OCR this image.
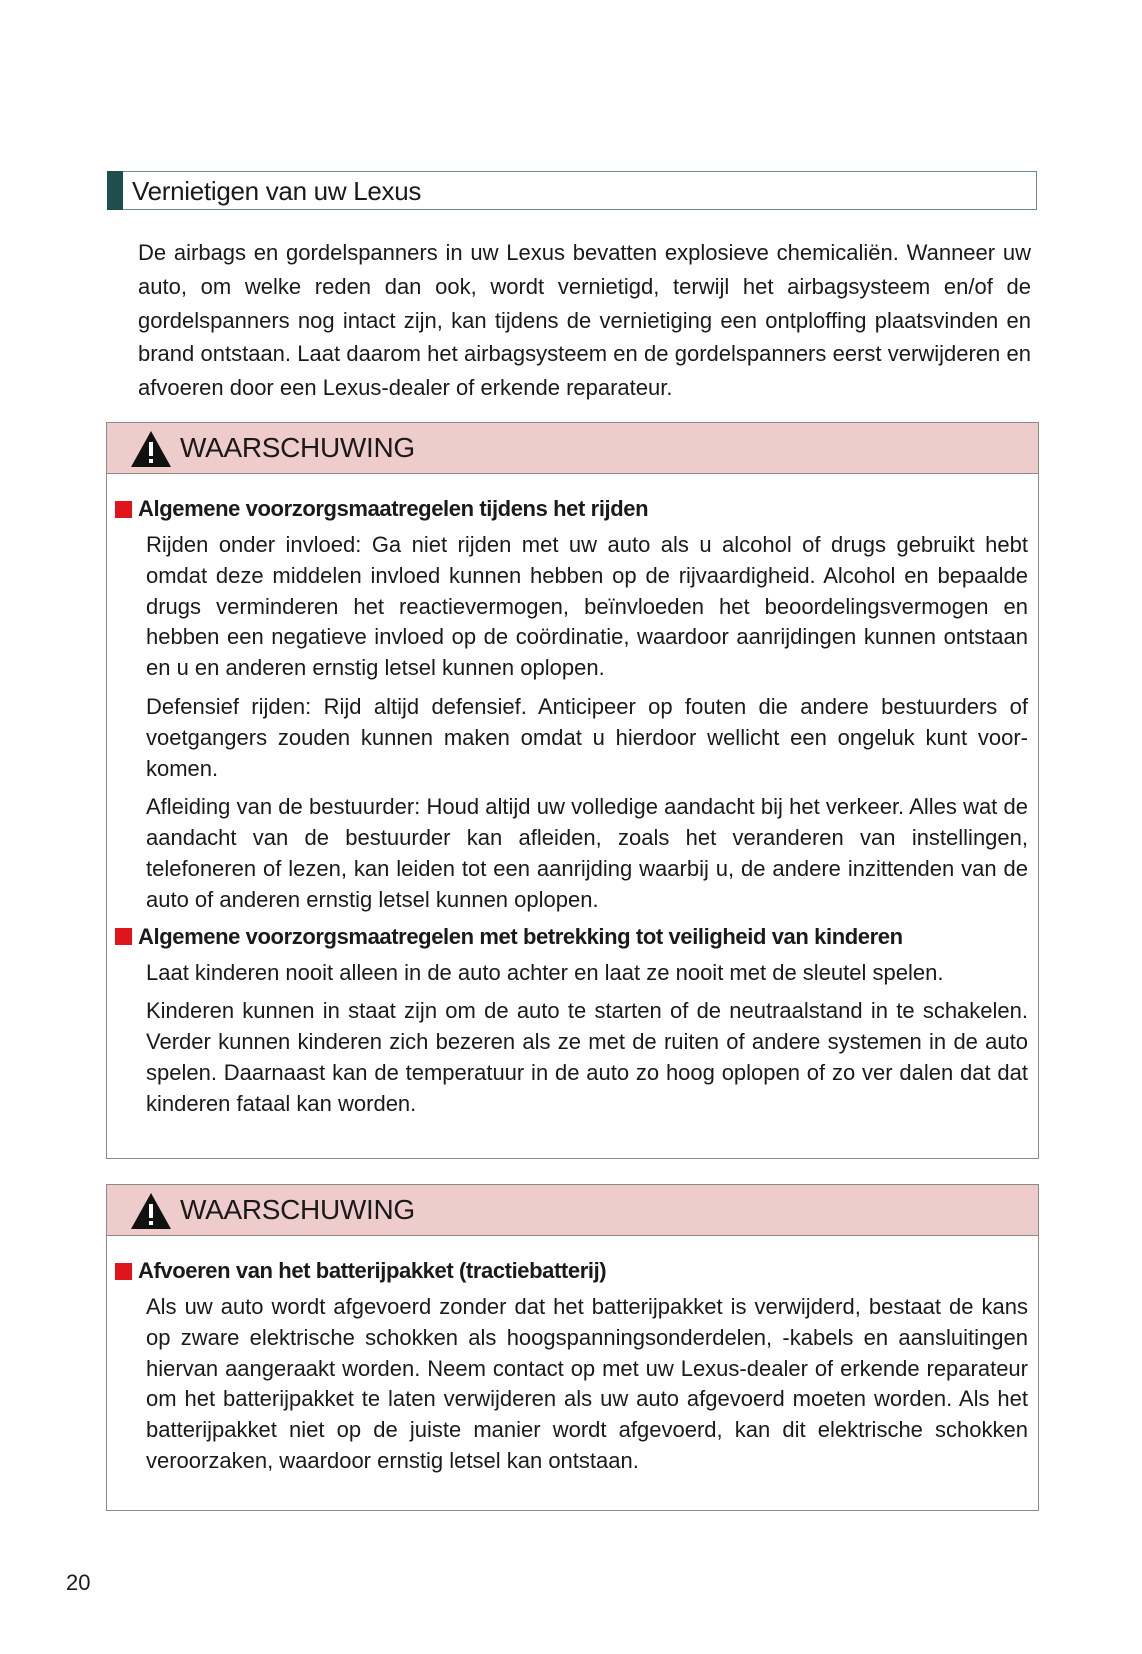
Vernietigen van uw Lexus
De airbags en gordelspanners in uw Lexus bevatten explosieve chemicaliën. Wanneer uw auto, om welke reden dan ook, wordt vernietigd, terwijl het airbagsysteem en/of de gordelspanners nog intact zijn, kan tijdens de vernietiging een ontploffing plaatsvinden en brand ontstaan. Laat daarom het airbagsysteem en de gordelspanners eerst verwijderen en afvoeren door een Lexus-dealer of erkende reparateur.
WAARSCHUWING
Algemene voorzorgsmaatregelen tijdens het rijden

Rijden onder invloed: Ga niet rijden met uw auto als u alcohol of drugs gebruikt hebt omdat deze middelen invloed kunnen hebben op de rijvaardigheid. Alcohol en bepaalde drugs verminderen het reactievermogen, beïnvloeden het beoordelingsvermogen en hebben een negatieve invloed op de coördinatie, waardoor aanrijdingen kunnen ontstaan en u en anderen ernstig letsel kunnen oplopen.

Defensief rijden: Rijd altijd defensief. Anticipeer op fouten die andere bestuurders of voetgangers zouden kunnen maken omdat u hierdoor wellicht een ongeluk kunt voorkomen.

Afleiding van de bestuurder: Houd altijd uw volledige aandacht bij het verkeer. Alles wat de aandacht van de bestuurder kan afleiden, zoals het veranderen van instellingen, telefoneren of lezen, kan leiden tot een aanrijding waarbij u, de andere inzittenden van de auto of anderen ernstig letsel kunnen oplopen.

Algemene voorzorgsmaatregelen met betrekking tot veiligheid van kinderen

Laat kinderen nooit alleen in de auto achter en laat ze nooit met de sleutel spelen.

Kinderen kunnen in staat zijn om de auto te starten of de neutraalstand in te schakelen. Verder kunnen kinderen zich bezeren als ze met de ruiten of andere systemen in de auto spelen. Daarnaast kan de temperatuur in de auto zo hoog oplopen of zo ver dalen dat dat kinderen fataal kan worden.

WAARSCHUWING
Afvoeren van het batterijpakket (tractiebatterij)

Als uw auto wordt afgevoerd zonder dat het batterijpakket is verwijderd, bestaat de kans op zware elektrische schokken als hoogspanningsonderdelen, -kabels en aansluitingen hiervan aangeraakt worden. Neem contact op met uw Lexus-dealer of erkende reparateur om het batterijpakket te laten verwijderen als uw auto afgevoerd moeten worden. Als het batterijpakket niet op de juiste manier wordt afgevoerd, kan dit elektrische schokken veroorzaken, waardoor ernstig letsel kan ontstaan.

20
